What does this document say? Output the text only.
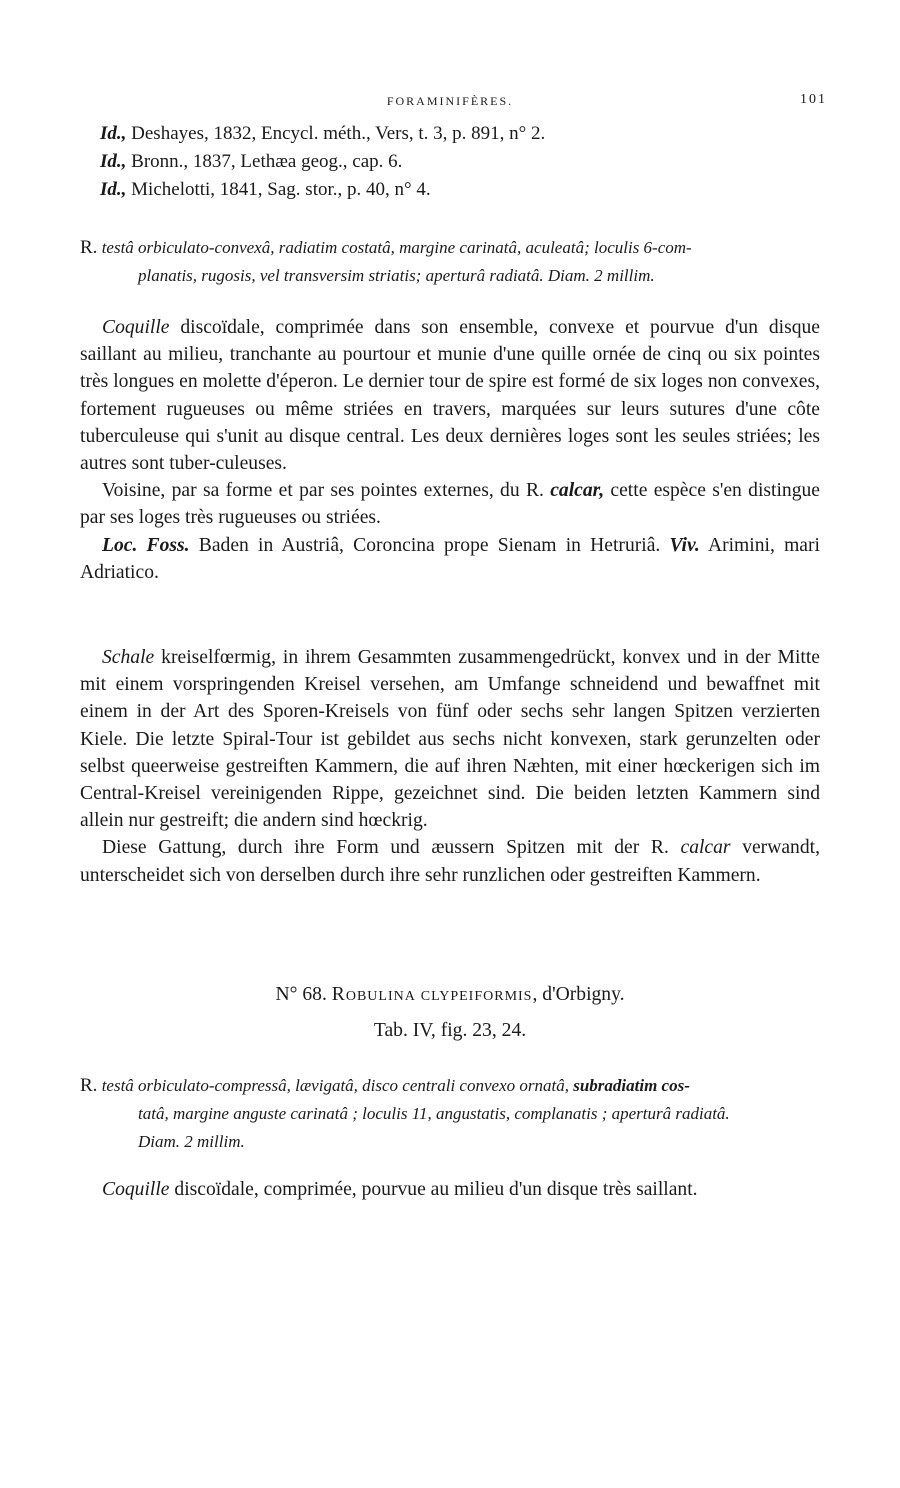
FORAMINIFÈRES.	101
Id., Deshayes, 1832, Encycl. méth., Vers, t. 3, p. 891, n° 2.
Id., Bronn., 1837, Lethæa geog., cap. 6.
Id., Michelotti, 1841, Sag. stor., p. 40, n° 4.
R. testâ orbiculato-convexâ, radiatim costatâ, margine carinatâ, aculeatâ; loculis 6-com-
planatis, rugosis, vel transversim striatis; aperturâ radiatâ. Diam. 2 millim.

Coquille discoïdale, comprimée dans son ensemble, convexe et pourvue d'un disque saillant au milieu, tranchante au pourtour et munie d'une quille ornée de cinq ou six pointes très longues en molette d'éperon. Le dernier tour de spire est formé de six loges non convexes, fortement rugueuses ou même striées en travers, marquées sur leurs sutures d'une côte tuberculeuse qui s'unit au disque central. Les deux dernières loges sont les seules striées; les autres sont tuber-culeuses.

Voisine, par sa forme et par ses pointes externes, du R. calcar, cette espèce s'en distingue par ses loges très rugueuses ou striées.

Loc. Foss. Baden in Austriâ, Coroncina prope Sienam in Hetruriâ. Viv. Arimini, mari Adriatico.

Schale kreiselfœrmig, in ihrem Gesammten zusammengedrückt, konvex und in der Mitte mit einem vorspringenden Kreisel versehen, am Umfange schneidend und bewaffnet mit einem in der Art des Sporen-Kreisels von fünf oder sechs sehr langen Spitzen verzierten Kiele. Die letzte Spiral-Tour ist gebildet aus sechs nicht konvexen, stark gerunzelten oder selbst queerweise gestreiften Kammern, die auf ihren Næhten, mit einer hœckerigen sich im Central-Kreisel vereinigenden Rippe, gezeichnet sind. Die beiden letzten Kammern sind allein nur gestreift; die andern sind hœckrig.

Diese Gattung, durch ihre Form und æussern Spitzen mit der R. calcar verwandt, unterscheidet sich von derselben durch ihre sehr runzlichen oder gestreiften Kammern.

N° 68. Robulina clypeiformis, d'Orbigny.
Tab. IV, fig. 23, 24.
R. testâ orbiculato-compressâ, lævigatâ, disco centrali convexo ornatâ, subradiatim cos-
tatâ, margine anguste carinatâ ; loculis 11, angustatis, complanatis ; aperturâ radiatâ.
Diam. 2 millim.

Coquille discoïdale, comprimée, pourvue au milieu d'un disque très saillant.
